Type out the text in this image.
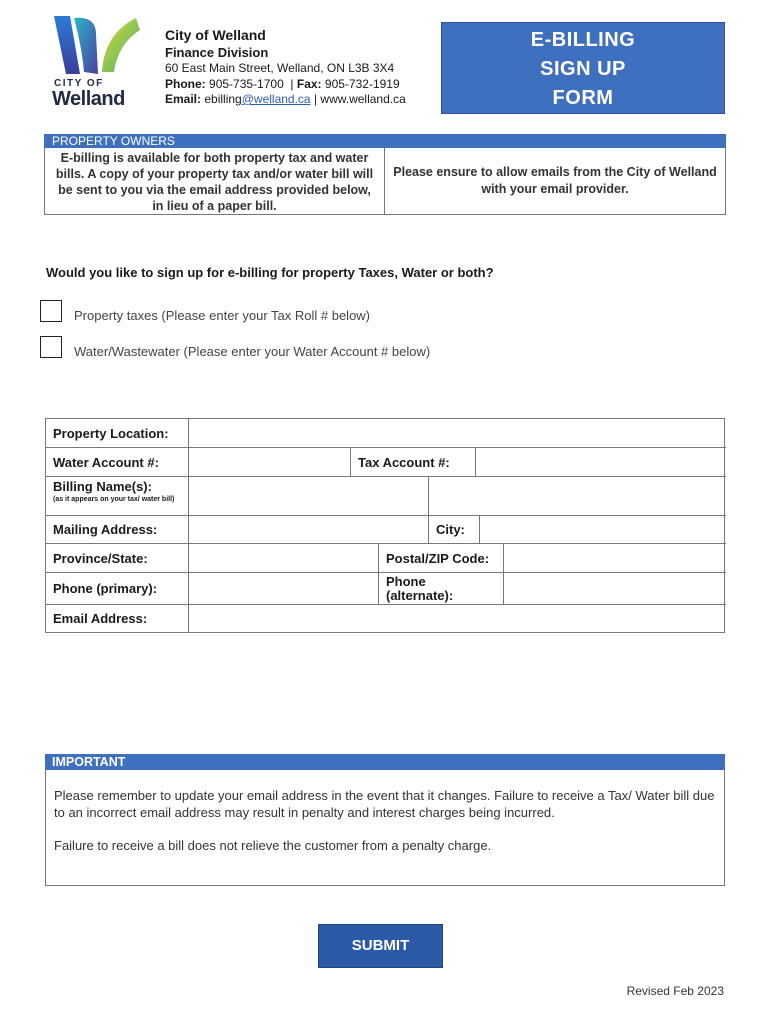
CITY OF
Welland
City of Welland
Finance Division
60 East Main Street, Welland, ON L3B 3X4
Phone: 905-735-1700  | Fax: 905-732-1919
Email: ebilling@welland.ca | www.welland.ca
E-BILLING
SIGN UP
FORM
PROPERTY OWNERS
E-billing is available for both property tax and water bills. A copy of your property tax and/or water bill will be sent to you via the email address provided below, in lieu of a paper bill.
Please ensure to allow emails from the City of Welland with your email provider.
Would you like to sign up for e-billing for property Taxes, Water or both?
Property taxes (Please enter your Tax Roll # below)
Water/Wastewater (Please enter your Water Account # below)
Property Location:
Water Account #:	Tax Account #:
Billing Name(s):
(as it appears on your tax/ water bill)
Mailing Address:	City:
Province/State:	Postal/ZIP Code:
Phone (primary):	Phone (alternate):
Email Address:
IMPORTANT

Please remember to update your email address in the event that it changes. Failure to receive a Tax/ Water bill due to an incorrect email address may result in penalty and interest charges being incurred.

Failure to receive a bill does not relieve the customer from a penalty charge.

SUBMIT
Revised Feb 2023
